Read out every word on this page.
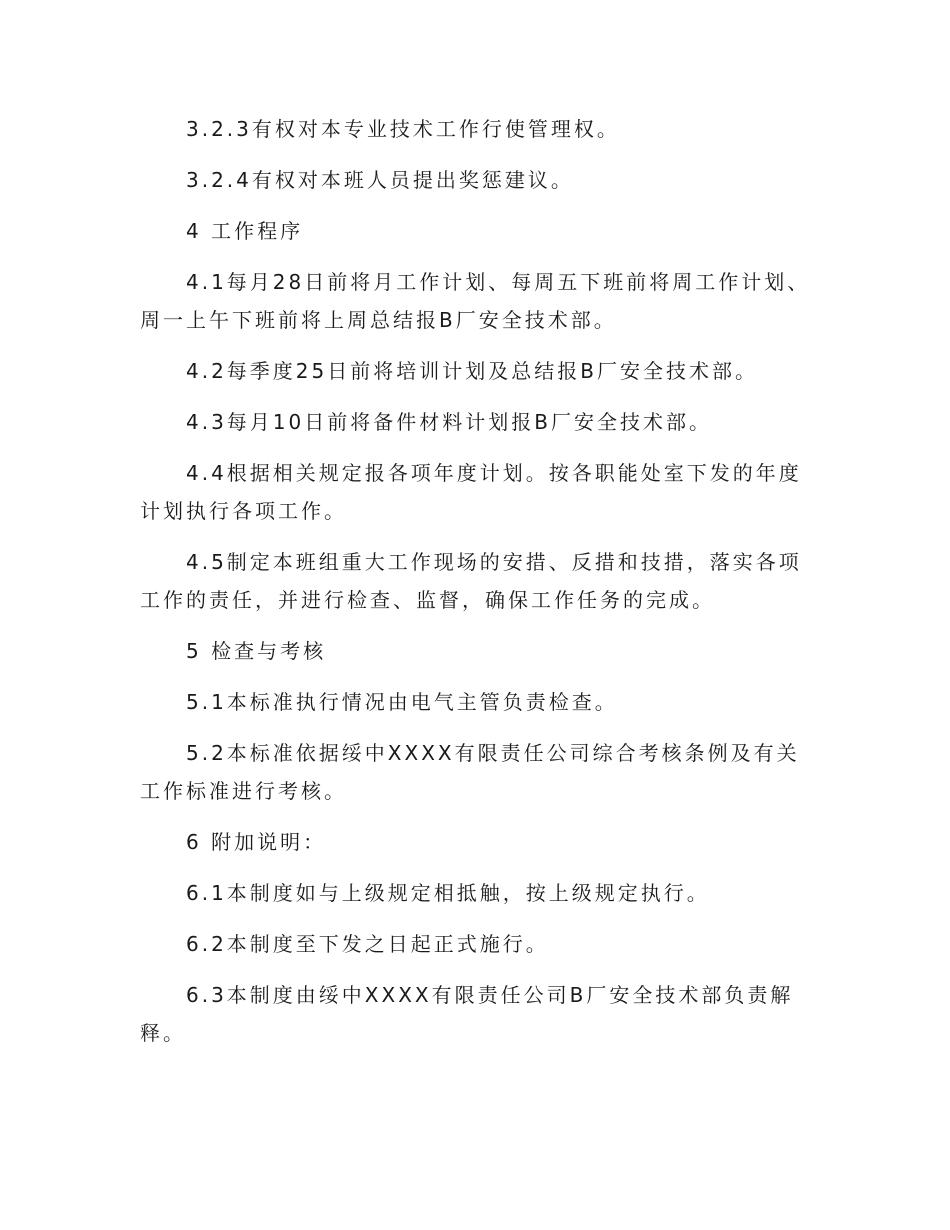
3.2.3有权对本专业技术工作行使管理权。

3.2.4有权对本班人员提出奖惩建议。

4 工作程序

4.1每月28日前将月工作计划、每周五下班前将周工作计划、周一上午下班前将上周总结报B厂安全技术部。

4.2每季度25日前将培训计划及总结报B厂安全技术部。

4.3每月10日前将备件材料计划报B厂安全技术部。

4.4根据相关规定报各项年度计划。按各职能处室下发的年度计划执行各项工作。

4.5制定本班组重大工作现场的安措、反措和技措，落实各项工作的责任，并进行检查、监督，确保工作任务的完成。

5 检查与考核

5.1本标准执行情况由电气主管负责检查。

5.2本标准依据绥中XXXX有限责任公司综合考核条例及有关工作标准进行考核。

6 附加说明：

6.1本制度如与上级规定相抵触，按上级规定执行。

6.2本制度至下发之日起正式施行。

6.3本制度由绥中XXXX有限责任公司B厂安全技术部负责解释。
